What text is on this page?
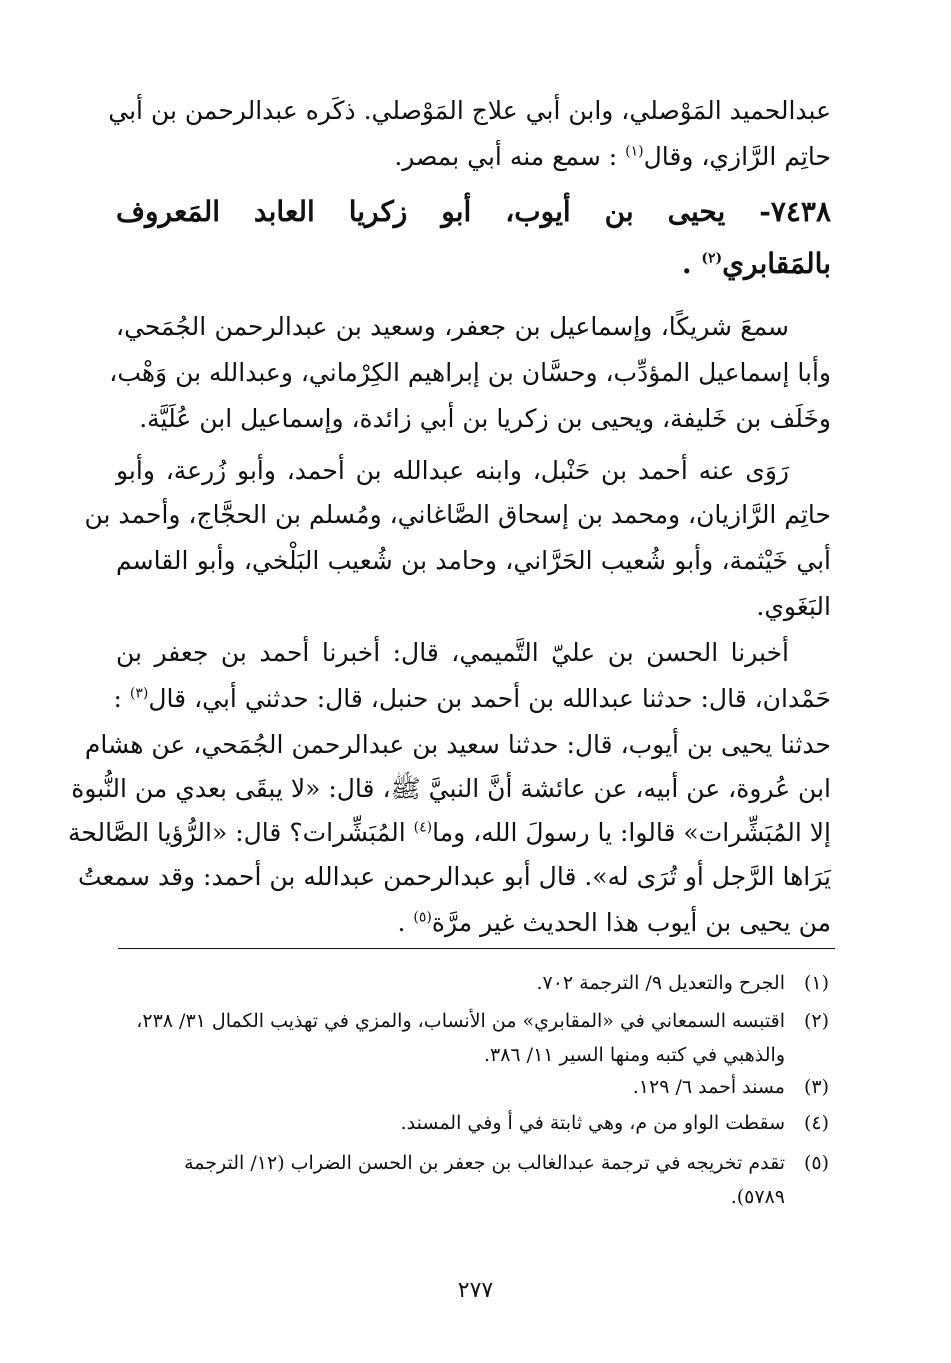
عبدالحميد المَوْصلي، وابن أبي علاج المَوْصلي. ذكَره عبدالرحمن بن أبي
حاتِم الرَّازي، وقال$^{(١)}$ : سمع منه أبي بمصر.
٧٤٣٨- يحيى بن أيوب، أبو زكريا العابد المَعروف
بالمَقابري$^{(٢)}$ .
سمعَ شريكًا، وإسماعيل بن جعفر، وسعيد بن عبدالرحمن الجُمَحي،
وأبا إسماعيل المؤدِّب، وحسَّان بن إبراهيم الكِرْماني، وعبدالله بن وَهْب،
وخَلَف بن خَليفة، ويحيى بن زكريا بن أبي زائدة، وإسماعيل ابن عُلَيَّة.
رَوَى عنه أحمد بن حَنْبل، وابنه عبدالله بن أحمد، وأبو زُرعة، وأبو
حاتِم الرَّازيان، ومحمد بن إسحاق الصَّاغاني، ومُسلم بن الحجَّاج، وأحمد بن
أبي خَيْثمة، وأبو شُعيب الحَرَّاني، وحامد بن شُعيب البَلْخي، وأبو القاسم
البَغَوي.
أخبرنا الحسن بن عليّ التَّميمي، قال: أخبرنا أحمد بن جعفر بن
حَمْدان، قال: حدثنا عبدالله بن أحمد بن حنبل، قال: حدثني أبي، قال$^{(٣)}$ :
حدثنا يحيى بن أيوب، قال: حدثنا سعيد بن عبدالرحمن الجُمَحي، عن هشام
ابن عُروة، عن أبيه، عن عائشة أنَّ النبيَّ ﷺ، قال: «لا يبقَى بعدي من النُّبوة
إلا المُبَشِّرات» قالوا: يا رسولَ الله، وما$^{(٤)}$ المُبَشِّرات؟ قال: «الرُّؤيا الصَّالحة
يَرَاها الرَّجل أو تُرَى له». قال أبو عبدالرحمن عبدالله بن أحمد: وقد سمعتُ
من يحيى بن أيوب هذا الحديث غير مرَّة$^{(٥)}$ .
(١)الجرح والتعديل ٩/ الترجمة ٧٠٢.
(٢)اقتبسه السمعاني في «المقابري» من الأنساب، والمزي في تهذيب الكمال ٣١/ ٢٣٨،
والذهبي في كتبه ومنها السير ١١/ ٣٨٦.
(٣)مسند أحمد ٦/ ١٢٩.
(٤)سقطت الواو من م، وهي ثابتة في أ وفي المسند.
(٥)تقدم تخريجه في ترجمة عبدالغالب بن جعفر بن الحسن الضراب (١٢/ الترجمة
٥٧٨٩).
٢٧٧
